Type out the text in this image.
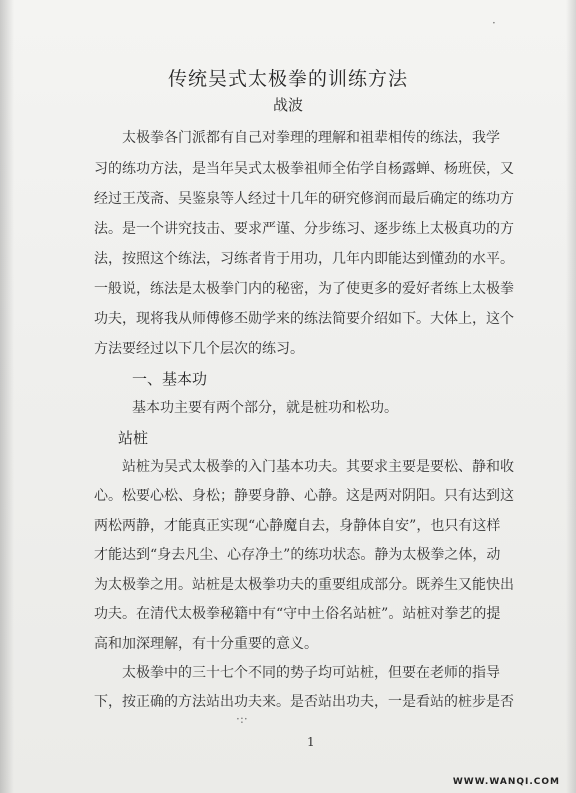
·
传统吴式太极拳的训练方法
战波
太极拳各门派都有自己对拳理的理解和祖辈相传的练法，我学
习的练功方法，是当年吴式太极拳祖师全佑学自杨露蝉、杨班侯，又
经过王茂斋、吴鉴泉等人经过十几年的研究修润而最后确定的练功方
法。是一个讲究技击、要求严谨、分步练习、逐步练上太极真功的方
法，按照这个练法，习练者肯于用功，几年内即能达到懂劲的水平。
一般说，练法是太极拳门内的秘密，为了使更多的爱好者练上太极拳
功夫，现将我从师傅修丕勋学来的练法简要介绍如下。大体上，这个
方法要经过以下几个层次的练习。
一、基本功
基本功主要有两个部分，就是桩功和松功。
站桩
站桩为吴式太极拳的入门基本功夫。其要求主要是要松、静和收
心。松要心松、身松；静要身静、心静。这是两对阴阳。只有达到这
两松两静，才能真正实现“心静魔自去，身静体自安”，也只有这样
才能达到“身去凡尘、心存净土”的练功状态。静为太极拳之体，动
为太极拳之用。站桩是太极拳功夫的重要组成部分。既养生又能快出
功夫。在清代太极拳秘籍中有“守中土俗名站桩”。站桩对拳艺的提
高和加深理解，有十分重要的意义。
太极拳中的三十七个不同的势子均可站桩，但要在老师的指导
下，按正确的方法站出功夫来。是否站出功夫，一是看站的桩步是否
·:·
1
WWW.WANQI.COM
